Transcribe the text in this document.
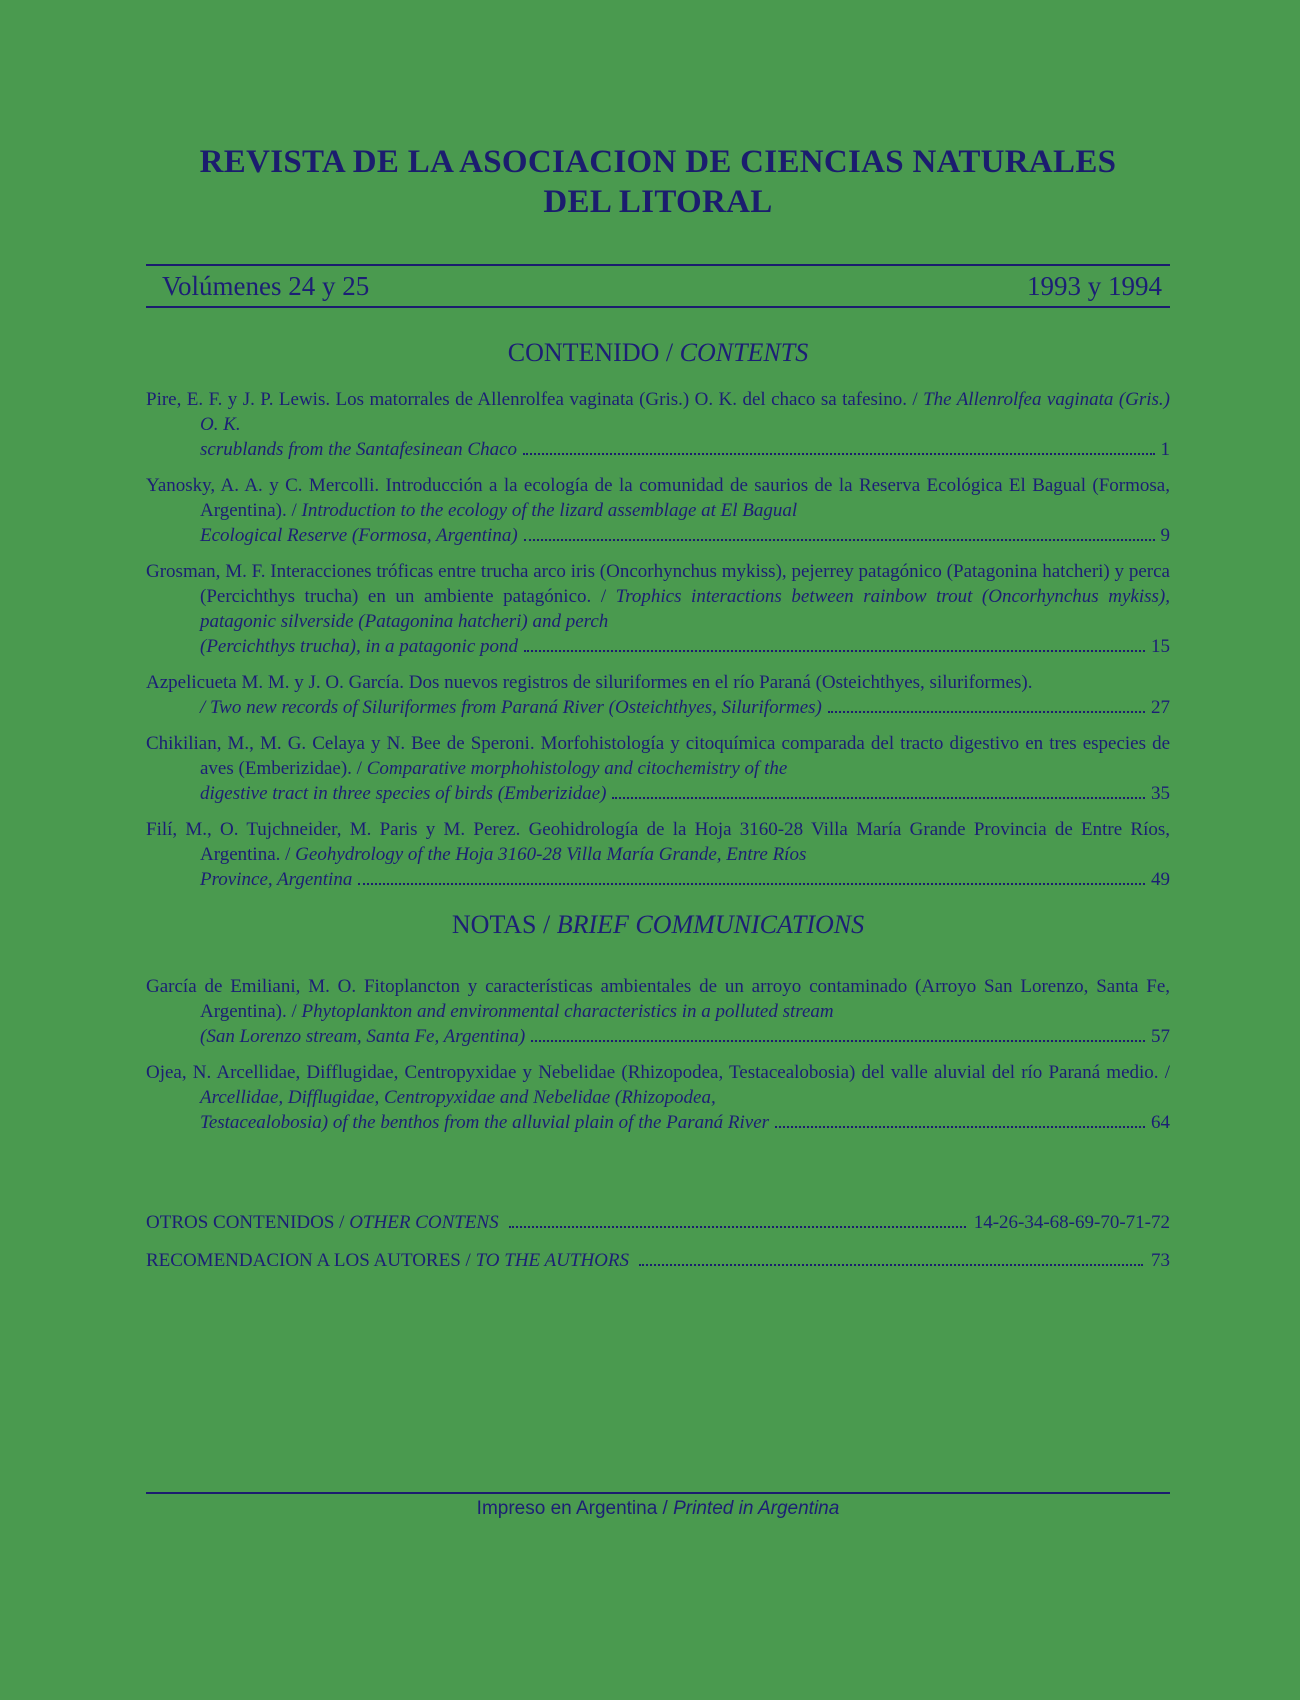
REVISTA DE LA ASOCIACION DE CIENCIAS NATURALES
DEL LITORAL
Volúmenes 24 y 25	1993 y 1994
CONTENIDO / CONTENTS
Pire, E. F. y J. P. Lewis. Los matorrales de Allenrolfea vaginata (Gris.) O. K. del chaco sa tafesino. / The Allenrolfea vaginata (Gris.) O. K.
scrublands from the Santafesinean Chaco	1
Yanosky, A. A. y C. Mercolli. Introducción a la ecología de la comunidad de saurios de la Reserva Ecológica El Bagual (Formosa, Argentina). / Introduction to the ecology of the lizard assemblage at El Bagual
Ecological Reserve (Formosa, Argentina)	9
Grosman, M. F. Interacciones tróficas entre trucha arco iris (Oncorhynchus mykiss), pejerrey patagónico (Patagonina hatcheri) y perca (Percichthys trucha) en un ambiente patagónico. / Trophics interactions between rainbow trout (Oncorhynchus mykiss), patagonic silverside (Patagonina hatcheri) and perch
(Percichthys trucha), in a patagonic pond	15
Azpelicueta M. M. y J. O. García. Dos nuevos registros de siluriformes en el río Paraná (Osteichthyes, siluriformes).
/ Two new records of Siluriformes from Paraná River (Osteichthyes, Siluriformes)	27
Chikilian, M., M. G. Celaya y N. Bee de Speroni. Morfohistología y citoquímica comparada del tracto digestivo en tres especies de aves (Emberizidae). / Comparative morphohistology and citochemistry of the
digestive tract in three species of birds (Emberizidae)	35
Filí, M., O. Tujchneider, M. Paris y M. Perez. Geohidrología de la Hoja 3160-28 Villa María Grande Provincia de Entre Ríos, Argentina. / Geohydrology of the Hoja 3160-28 Villa María Grande, Entre Ríos
Province, Argentina	49
NOTAS / BRIEF COMMUNICATIONS
García de Emiliani, M. O. Fitoplancton y características ambientales de un arroyo contaminado (Arroyo San Lorenzo, Santa Fe, Argentina). / Phytoplankton and environmental characteristics in a polluted stream
(San Lorenzo stream, Santa Fe, Argentina)	57
Ojea, N. Arcellidae, Difflugidae, Centropyxidae y Nebelidae (Rhizopodea, Testacealobosia) del valle aluvial del río Paraná medio. / Arcellidae, Difflugidae, Centropyxidae and Nebelidae (Rhizopodea,
Testacealobosia) of the benthos from the alluvial plain of the Paraná River	64
OTROS CONTENIDOS / OTHER CONTENS	14-26-34-68-69-70-71-72
RECOMENDACION A LOS AUTORES / TO THE AUTHORS	73
Impreso en Argentina / Printed in Argentina
